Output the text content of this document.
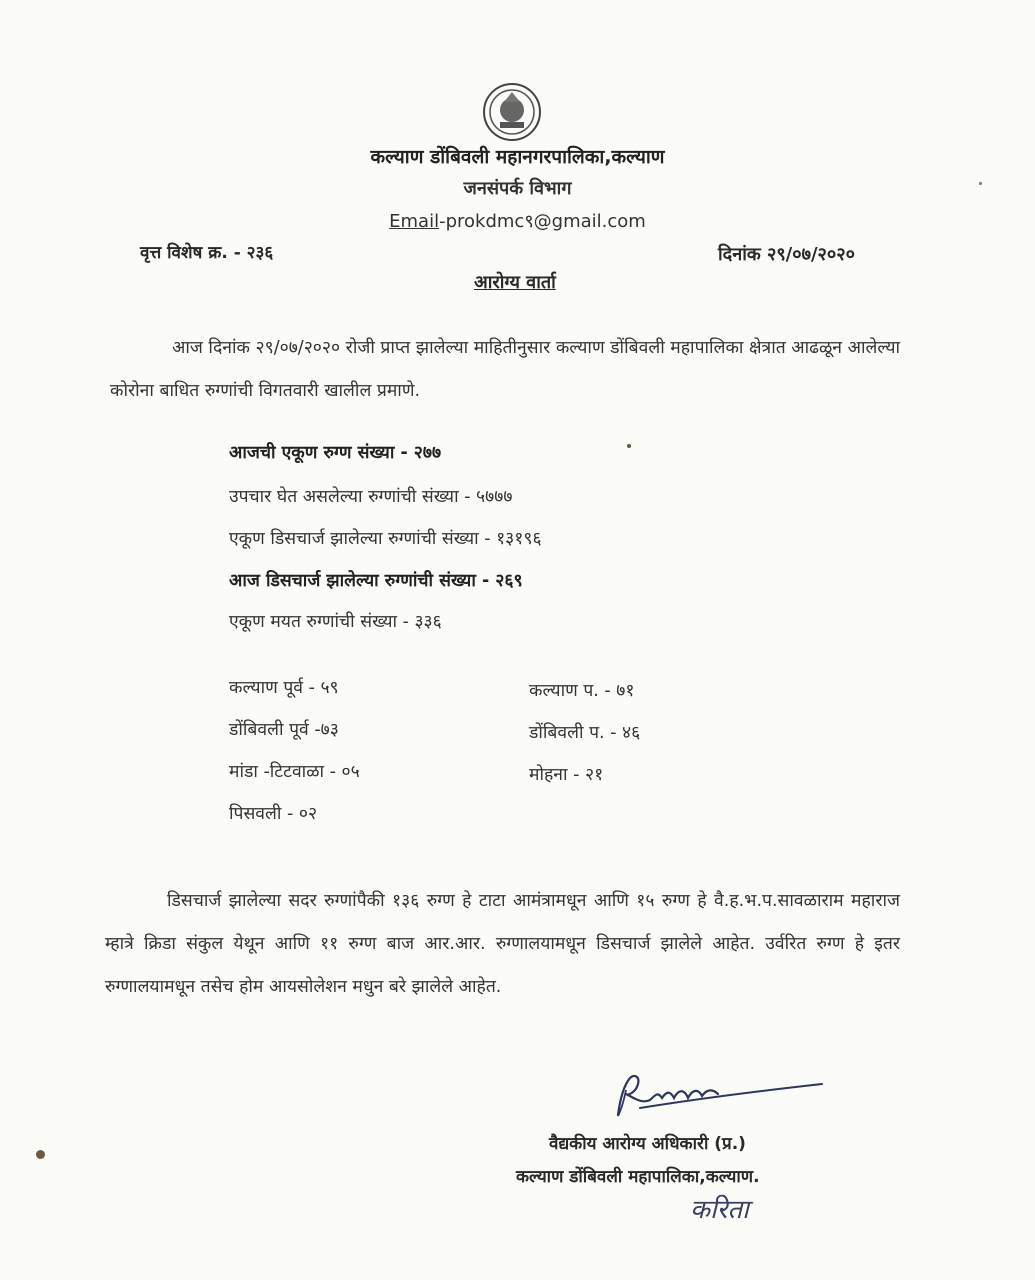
कल्याण डोंबिवली महानगरपालिका,कल्याण
जनसंपर्क विभाग
Email-prokdmc९@gmail.com
वृत्त विशेष क्र. - २३६	दिनांक २९/०७/२०२०
आरोग्य वार्ता
आज दिनांक २९/०७/२०२० रोजी प्राप्त झालेल्या माहितीनुसार कल्याण डोंबिवली महापालिका क्षेत्रात आढळून आलेल्या कोरोना बाधित रुग्णांची विगतवारी खालील प्रमाणे.
आजची एकूण रुग्ण संख्या - २७७
उपचार घेत असलेल्या रुग्णांची संख्या - ५७७७
एकूण डिसचार्ज झालेल्या रुग्णांची संख्या - १३१९६
आज डिसचार्ज झालेल्या रुग्णांची संख्या - २६९
एकूण मयत रुग्णांची संख्या - ३३६
कल्याण पूर्व - ५९
डोंबिवली पूर्व -७३
मांडा -टिटवाळा - ०५
पिसवली - ०२
कल्याण प. - ७१
डोंबिवली प. - ४६
मोहना - २१
डिसचार्ज झालेल्या सदर रुग्णांपैकी १३६ रुग्ण हे टाटा आमंत्रामधून आणि १५ रुग्ण हे वै.ह.भ.प.सावळाराम महाराज म्हात्रे क्रिडा संकुल येथून आणि ११ रुग्ण बाज आर.आर. रुग्णालयामधून डिसचार्ज झालेले आहेत. उर्वरित रुग्ण हे इतर रुग्णालयामधून तसेच होम आयसोलेशन मधुन बरे झालेले आहेत.
वैद्यकीय आरोग्य अधिकारी (प्र.)
कल्याण डोंबिवली महापालिका,कल्याण.
करिता
